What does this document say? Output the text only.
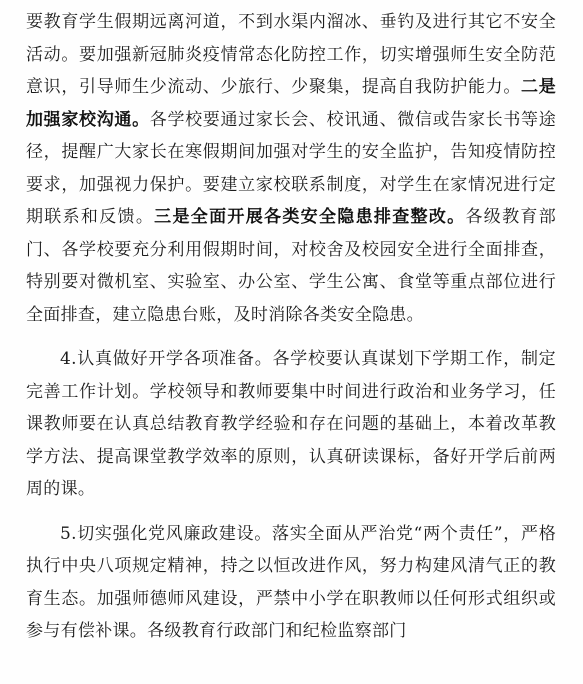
要教育学生假期远离河道，不到水渠内溜冰、垂钓及进行其它不安全活动。要加强新冠肺炎疫情常态化防控工作，切实增强师生安全防范意识，引导师生少流动、少旅行、少聚集，提高自我防护能力。二是加强家校沟通。各学校要通过家长会、校讯通、微信或告家长书等途径，提醒广大家长在寒假期间加强对学生的安全监护，告知疫情防控要求，加强视力保护。要建立家校联系制度，对学生在家情况进行定期联系和反馈。三是全面开展各类安全隐患排查整改。各级教育部门、各学校要充分利用假期时间，对校舍及校园安全进行全面排查，特别要对微机室、实验室、办公室、学生公寓、食堂等重点部位进行全面排查，建立隐患台账，及时消除各类安全隐患。

4.认真做好开学各项准备。各学校要认真谋划下学期工作，制定完善工作计划。学校领导和教师要集中时间进行政治和业务学习，任课教师要在认真总结教育教学经验和存在问题的基础上，本着改革教学方法、提高课堂教学效率的原则，认真研读课标，备好开学后前两周的课。

5.切实强化党风廉政建设。落实全面从严治党“两个责任”，严格执行中央八项规定精神，持之以恒改进作风，努力构建风清气正的教育生态。加强师德师风建设，严禁中小学在职教师以任何形式组织或参与有偿补课。各级教育行政部门和纪检监察部门
